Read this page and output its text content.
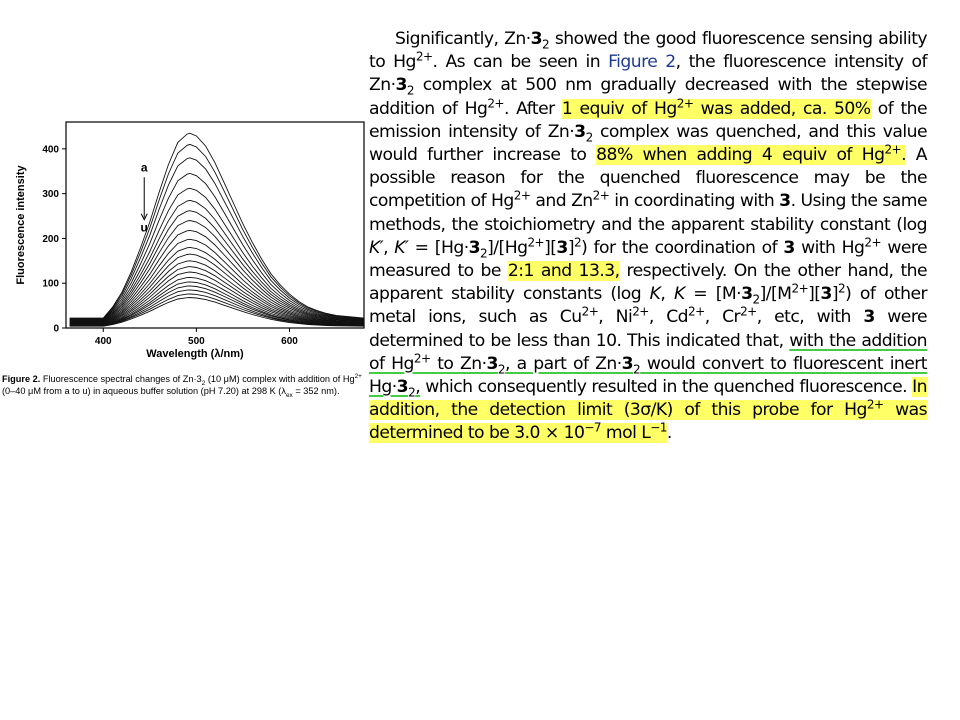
0
100
200
300
400
400	500	600
Wavelength (λ/nm)
Fluorescence intensity	a
u
Figure 2. Fluorescence spectral changes of $Zn\cdot 3_2$ (10 μM) complex with addition of $Hg^{2+}$ (0–40 μM from a to u) in aqueous buffer solution (pH 7.20) at 298 K ($\lambda_{ex} = 352$ nm).

Significantly, $Zn\cdot 3_2$ showed the good fluorescence sensing ability to $Hg^{2+}$. As can be seen in Figure 2, the fluorescence intensity of $Zn\cdot 3_2$ complex at 500 nm gradually decreased with the stepwise addition of $Hg^{2+}$. After 1 equiv of $Hg^{2+}$ was added, ca. 50% of the emission intensity of $Zn\cdot 3_2$ complex was quenched, and this value would further increase to 88% when adding 4 equiv of $Hg^{2+}$. A possible reason for the quenched fluorescence may be the competition of $Hg^{2+}$ and $Zn^{2+}$ in coordinating with 3. Using the same methods, the stoichiometry and the apparent stability constant (log K′, $K' = [Hg\cdot 3_2]/[Hg^{2+}][3]^2$) for the coordination of 3 with $Hg^{2+}$ were measured to be 2:1 and 13.3, respectively. On the other hand, the apparent stability constants (log K, $K = [M\cdot 3_2]/[M^{2+}][3]^2$) of other metal ions, such as $Cu^{2+}$, $Ni^{2+}$, $Cd^{2+}$, $Cr^{2+}$, etc, with 3 were determined to be less than 10. This indicated that, with the addition of $Hg^{2+}$ to $Zn\cdot 3_2$, a part of $Zn\cdot 3_2$ would convert to fluorescent inert $Hg\cdot 3_2$, which consequently resulted in the quenched fluorescence. In addition, the detection limit (3σ/K) of this probe for $Hg^{2+}$ was determined to be $3.0 \times 10^{-7}$ mol $L^{-1}$.
